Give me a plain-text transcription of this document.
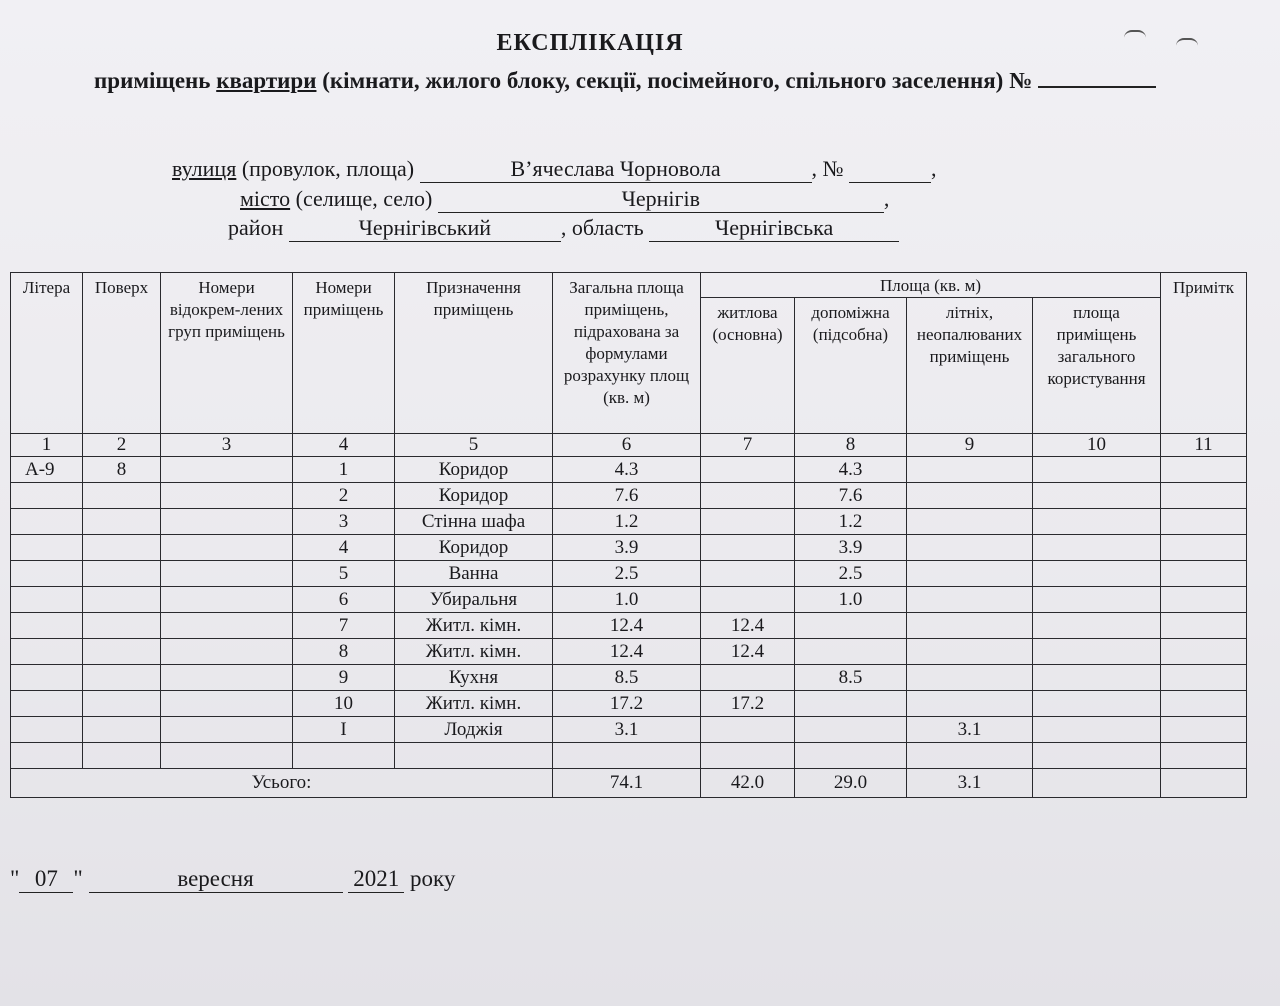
ЕКСПЛІКАЦІЯ
приміщень квартири (кімнати, жилого блоку, секції, посімейного, спільного заселення) №
вулиця (провулок, площа)	В’ячеслава Чорновола	, №	,
місто (селище, село)	Чернігів	,
район	Чернігівський	, область	Чернігівська
Літера	Поверх	Номери відокрем-лених груп приміщень	Номери приміщень	Призначення приміщень	Загальна площа приміщень, підрахована за формулами розрахунку площ (кв. м)	Площа (кв. м)				Примітк
						житлова (основна)	допоміжна (підсобна)	літніх, неопалюваних приміщень	площа приміщень загального користування	
1	2	3	4	5	6	7	8	9	10	11
А-9	8		1	Коридор	4.3		4.3			
			2	Коридор	7.6		7.6			
			3	Стінна шафа	1.2		1.2			
			4	Коридор	3.9		3.9			
			5	Ванна	2.5		2.5			
			6	Убиральня	1.0		1.0			
			7	Житл. кімн.	12.4	12.4				
			8	Житл. кімн.	12.4	12.4				
			9	Кухня	8.5		8.5			
			10	Житл. кімн.	17.2	17.2				
			I	Лоджія	3.1			3.1		

Усього:					74.1	42.0	29.0	3.1		
" 07 "	вересня	2021 року
